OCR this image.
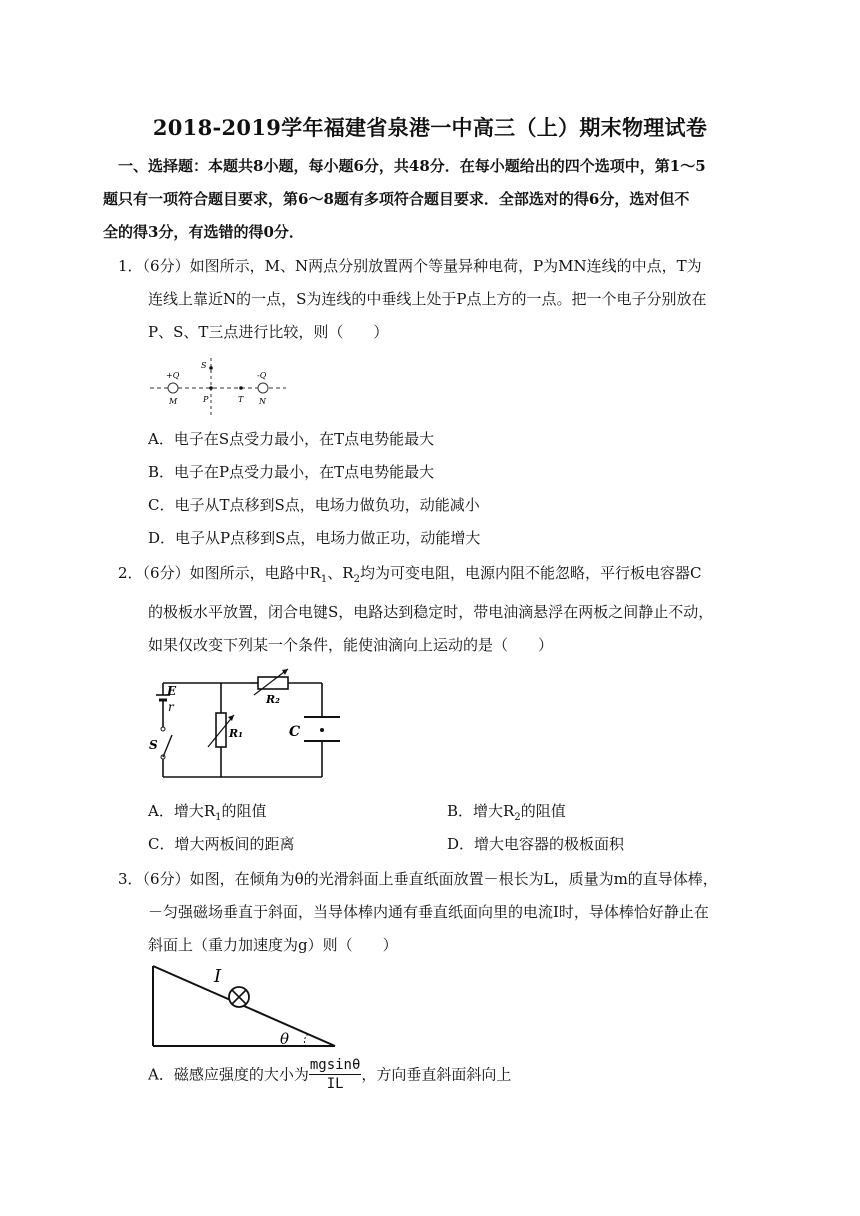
2018-2019学年福建省泉港一中高三（上）期末物理试卷
一、选择题：本题共8小题，每小题6分，共48分．在每小题给出的四个选项中，第1～5
题只有一项符合题目要求，第6～8题有多项符合题目要求．全部选对的得6分，选对但不
全的得3分，有选错的得0分．
1．（6分）如图所示，M、N两点分别放置两个等量异种电荷，P为MN连线的中点，T为
连线上靠近N的一点，S为连线的中垂线上处于P点上方的一点。把一个电子分别放在
P、S、T三点进行比较，则（　　）
S
+Q
M	P	T
-Q
N
A．电子在S点受力最小，在T点电势能最大
B．电子在P点受力最小，在T点电势能最大
C．电子从T点移到S点，电场力做负功，动能减小
D．电子从P点移到S点，电场力做正功，动能增大
2．（6分）如图所示，电路中$R_1$、$R_2$均为可变电阻，电源内阻不能忽略，平行板电容器C
的极板水平放置，闭合电键S，电路达到稳定时，带电油滴悬浮在两板之间静止不动，
如果仅改变下列某一个条件，能使油滴向上运动的是（　　）
E
r
S
R₁
R₂
C
A．增大$R_1$的阻值	B．增大$R_2$的阻值
C．增大两板间的距离	D．增大电容器的极板面积
3．（6分）如图，在倾角为θ的光滑斜面上垂直纸面放置－根长为L，质量为m的直导体棒，
－匀强磁场垂直于斜面，当导体棒内通有垂直纸面向里的电流I时，导体棒恰好静止在
斜面上（重力加速度为g）则（　　）
I
θ
A．磁感应强度的大小为 $\frac{mgsin\theta}{IL}$ ，方向垂直斜面斜向上
